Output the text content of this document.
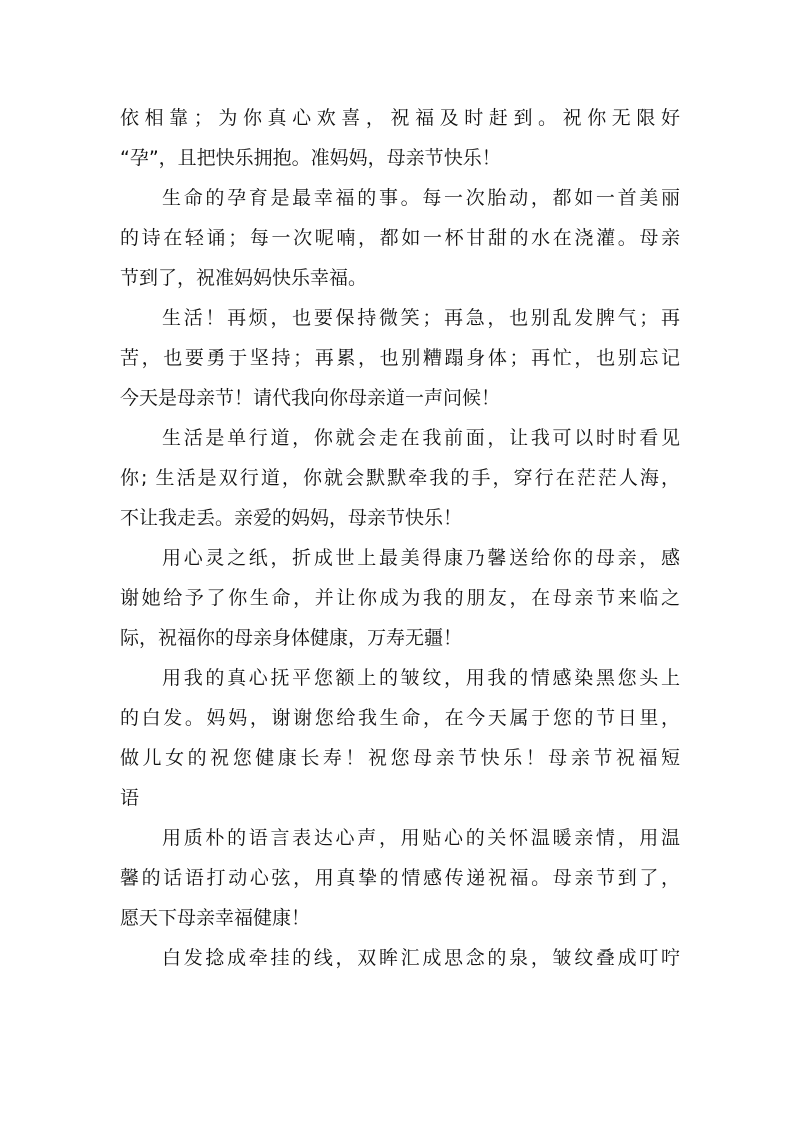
依相靠；为你真心欢喜，祝福及时赶到。祝你无限好
“孕”，且把快乐拥抱。准妈妈，母亲节快乐！
生命的孕育是最幸福的事。每一次胎动，都如一首美丽
的诗在轻诵；每一次呢喃，都如一杯甘甜的水在浇灌。母亲
节到了，祝准妈妈快乐幸福。
生活！再烦，也要保持微笑；再急，也别乱发脾气；再
苦，也要勇于坚持；再累，也别糟蹋身体；再忙，也别忘记
今天是母亲节！请代我向你母亲道一声问候！
生活是单行道，你就会走在我前面，让我可以时时看见
你; 生活是双行道，你就会默默牵我的手，穿行在茫茫人海，
不让我走丢。亲爱的妈妈，母亲节快乐！
用心灵之纸，折成世上最美得康乃馨送给你的母亲，感
谢她给予了你生命，并让你成为我的朋友，在母亲节来临之
际，祝福你的母亲身体健康，万寿无疆！
用我的真心抚平您额上的皱纹，用我的情感染黑您头上
的白发。妈妈，谢谢您给我生命，在今天属于您的节日里，
做儿女的祝您健康长寿！祝您母亲节快乐！母亲节祝福短
语
用质朴的语言表达心声，用贴心的关怀温暖亲情，用温
馨的话语打动心弦，用真挚的情感传递祝福。母亲节到了，
愿天下母亲幸福健康！
白发捻成牵挂的线，双眸汇成思念的泉，皱纹叠成叮咛
